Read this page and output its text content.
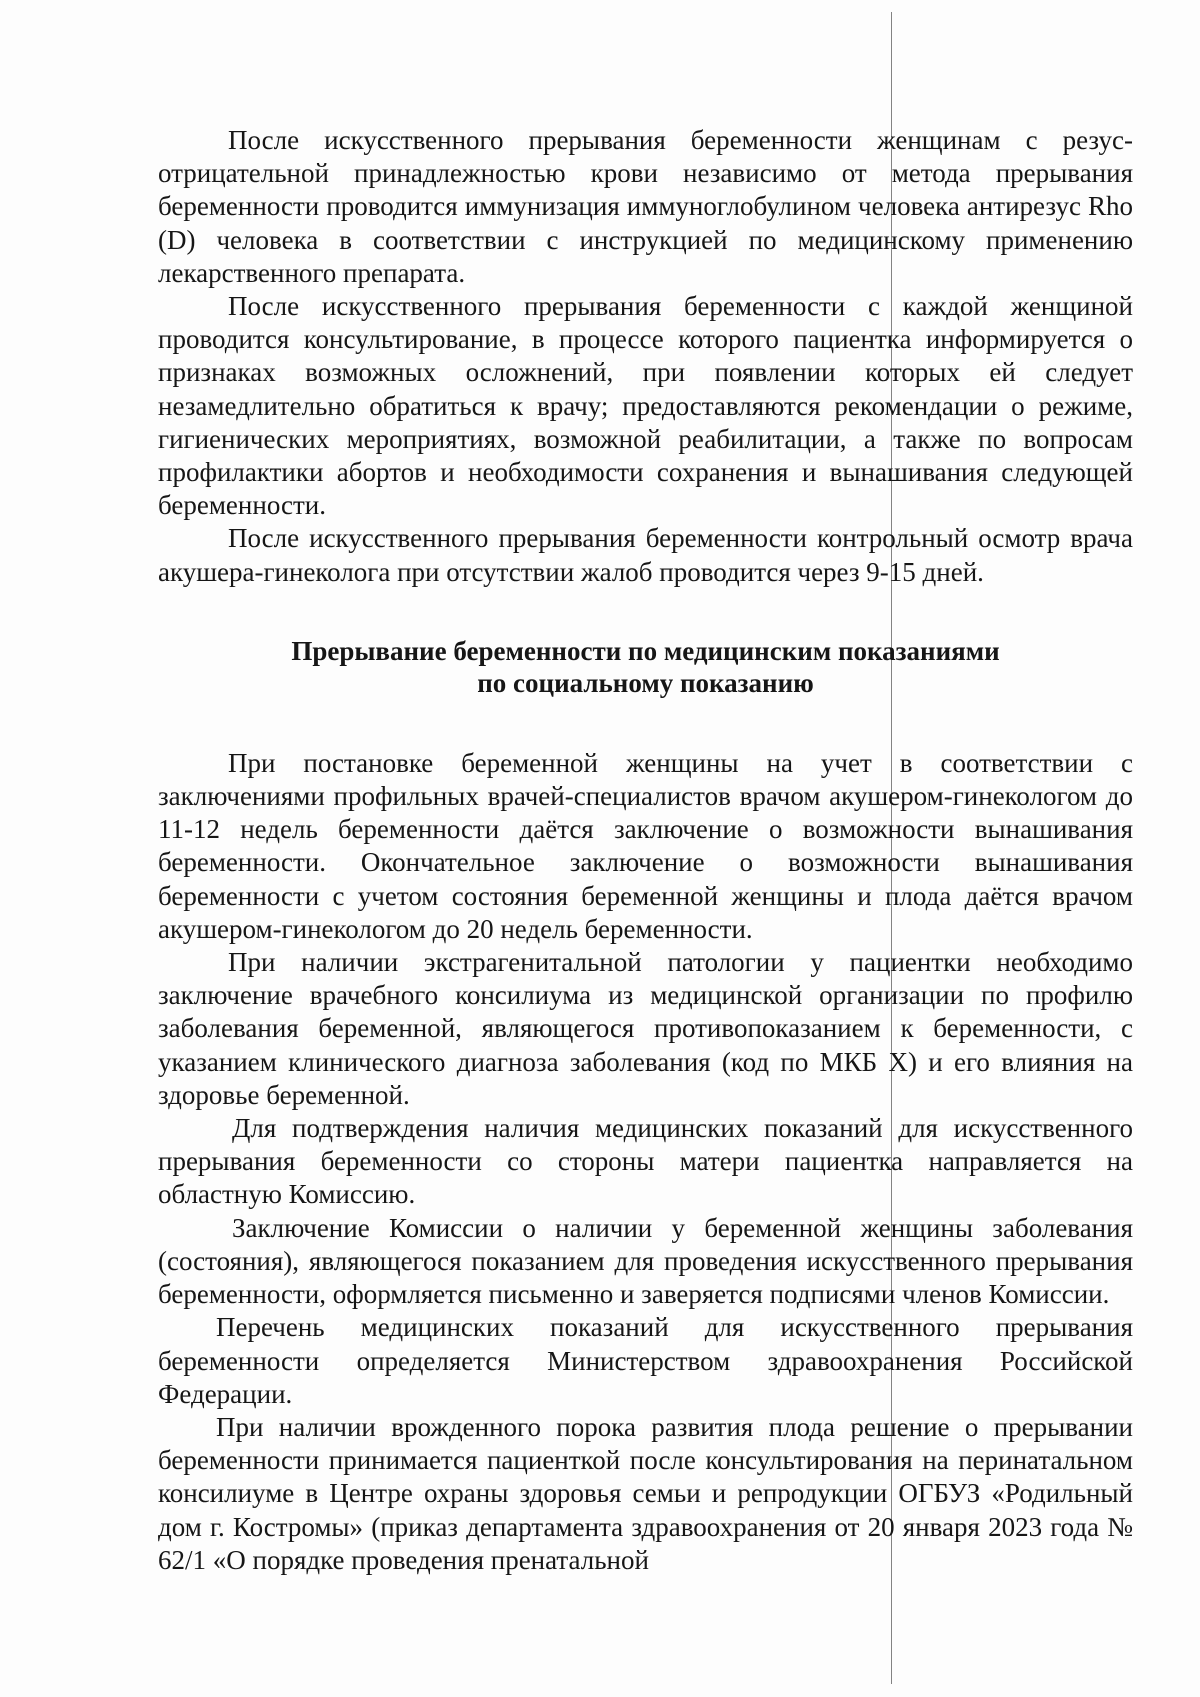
После искусственного прерывания беременности женщинам с резус-отрицательной принадлежностью крови независимо от метода прерывания беременности проводится иммунизация иммуноглобулином человека антирезус Rho (D) человека в соответствии с инструкцией по медицинскому применению лекарственного препарата.

После искусственного прерывания беременности с каждой женщиной проводится консультирование, в процессе которого пациентка информируется о признаках возможных осложнений, при появлении которых ей следует незамедлительно обратиться к врачу; предоставляются рекомендации о режиме, гигиенических мероприятиях, возможной реабилитации, а также по вопросам профилактики абортов и необходимости сохранения и вынашивания следующей беременности.

После искусственного прерывания беременности контрольный осмотр врача акушера-гинеколога при отсутствии жалоб проводится через 9-15 дней.

Прерывание беременности по медицинским показаниями
по социальному показанию

При постановке беременной женщины на учет в соответствии с заключениями профильных врачей-специалистов врачом акушером-гинекологом до 11-12 недель беременности даётся заключение о возможности вынашивания беременности. Окончательное заключение о возможности вынашивания беременности с учетом состояния беременной женщины и плода даётся врачом акушером-гинекологом до 20 недель беременности.

При наличии экстрагенитальной патологии у пациентки необходимо заключение врачебного консилиума из медицинской организации по профилю заболевания беременной, являющегося противопоказанием к беременности, с указанием клинического диагноза заболевания (код по МКБ X) и его влияния на здоровье беременной.

Для подтверждения наличия медицинских показаний для искусственного прерывания беременности со стороны матери пациентка направляется на областную Комиссию.

Заключение Комиссии о наличии у беременной женщины заболевания (состояния), являющегося показанием для проведения искусственного прерывания беременности, оформляется письменно и заверяется подписями членов Комиссии.

Перечень медицинских показаний для искусственного прерывания беременности определяется Министерством здравоохранения Российской Федерации.

При наличии врожденного порока развития плода решение о прерывании беременности принимается пациенткой после консультирования на перинатальном консилиуме в Центре охраны здоровья семьи и репродукции ОГБУЗ «Родильный дом г. Костромы» (приказ департамента здравоохранения от 20 января 2023 года № 62/1 «О порядке проведения пренатальной
